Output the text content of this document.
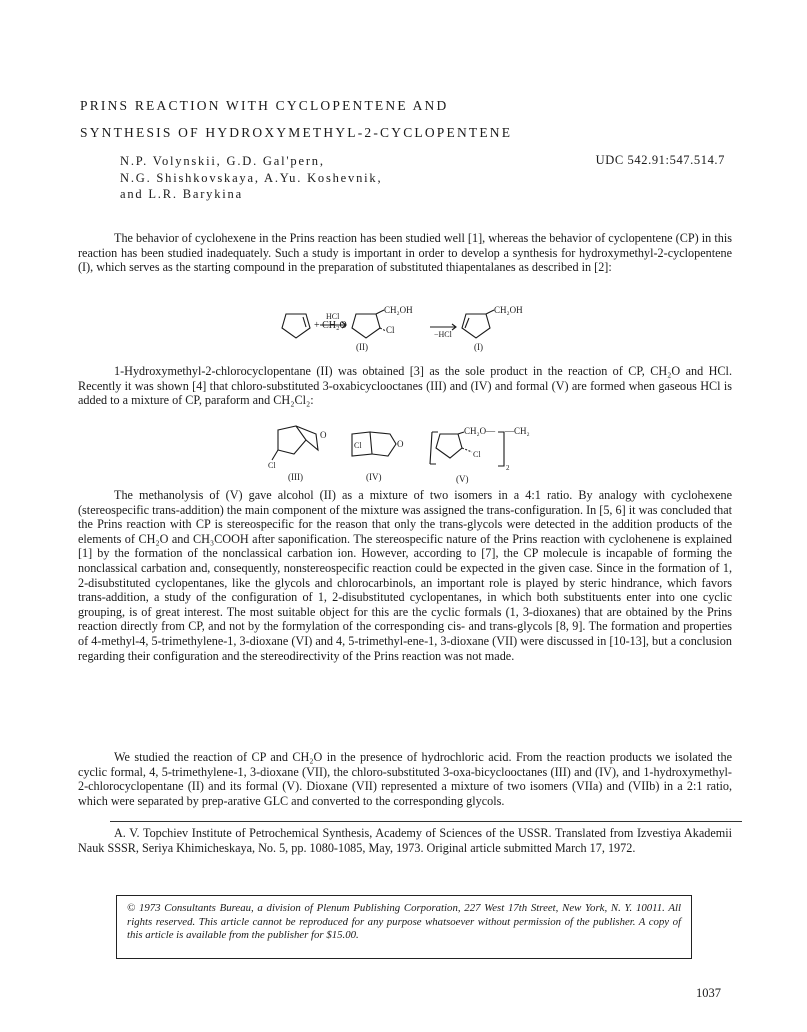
PRINS REACTION WITH CYCLOPENTENE AND
SYNTHESIS OF HYDROXYMETHYL-2-CYCLOPENTENE
N.P. Volynskii, G.D. Gal'pern,
N.G. Shishkovskaya, A.Yu. Koshevnik,
and L.R. Barykina
UDC 542.91:547.514.7

The behavior of cyclohexene in the Prins reaction has been studied well [1], whereas the behavior of cyclopentene (CP) in this reaction has been studied inadequately. Such a study is important in order to develop a synthesis for hydroxymethyl-2-cyclopentene (I), which serves as the starting compound in the preparation of substituted thiapentalanes as described in [2]:

+ CH₂O
HCl
CH₂OH
Cl	−HCl
CH₂OH
(II)	(I)

1-Hydroxymethyl-2-chlorocyclopentane (II) was obtained [3] as the sole product in the reaction of CP, CH₂O and HCl. Recently it was shown [4] that chloro-substituted 3-oxabicyclooctanes (III) and (IV) and formal (V) are formed when gaseous HCl is added to a mixture of CP, paraform and CH₂Cl₂:

O
Cl
Cl	O
CH₂O— —CH₂
Cl
2
(III)	(IV)	(V)

The methanolysis of (V) gave alcohol (II) as a mixture of two isomers in a 4:1 ratio. By analogy with cyclohexene (stereospecific trans-addition) the main component of the mixture was assigned the trans-configuration. In [5, 6] it was concluded that the Prins reaction with CP is stereospecific for the reason that only the trans-glycols were detected in the addition products of the elements of CH₂O and CH₃COOH after saponification. The stereospecific nature of the Prins reaction with cyclohenene is explained [1] by the formation of the nonclassical carbation ion. However, according to [7], the CP molecule is incapable of forming the nonclassical carbation and, consequently, nonstereospecific reaction could be expected in the given case. Since in the formation of 1, 2-disubstituted cyclopentanes, like the glycols and chlorocarbinols, an important role is played by steric hindrance, which favors trans-addition, a study of the configuration of 1, 2-disubstituted cyclopentanes, in which both substituents enter into one cyclic grouping, is of great interest. The most suitable object for this are the cyclic formals (1, 3-dioxanes) that are obtained by the Prins reaction directly from CP, and not by the formylation of the corresponding cis- and trans-glycols [8, 9]. The formation and properties of 4-methyl-4, 5-trimethylene-1, 3-dioxane (VI) and 4, 5-trimethyl-ene-1, 3-dioxane (VII) were discussed in [10-13], but a conclusion regarding their configuration and the stereodirectivity of the Prins reaction was not made.

We studied the reaction of CP and CH₂O in the presence of hydrochloric acid. From the reaction products we isolated the cyclic formal, 4, 5-trimethylene-1, 3-dioxane (VII), the chloro-substituted 3-oxa-bicyclooctanes (III) and (IV), and 1-hydroxymethyl-2-chlorocyclopentane (II) and its formal (V). Dioxane (VII) represented a mixture of two isomers (VIIa) and (VIIb) in a 2:1 ratio, which were separated by prep-arative GLC and converted to the corresponding glycols.

A. V. Topchiev Institute of Petrochemical Synthesis, Academy of Sciences of the USSR. Translated from Izvestiya Akademii Nauk SSSR, Seriya Khimicheskaya, No. 5, pp. 1080-1085, May, 1973. Original article submitted March 17, 1972.

© 1973 Consultants Bureau, a division of Plenum Publishing Corporation, 227 West 17th Street, New York, N. Y. 10011. All rights reserved. This article cannot be reproduced for any purpose whatsoever without permission of the publisher. A copy of this article is available from the publisher for $15.00.

1037
